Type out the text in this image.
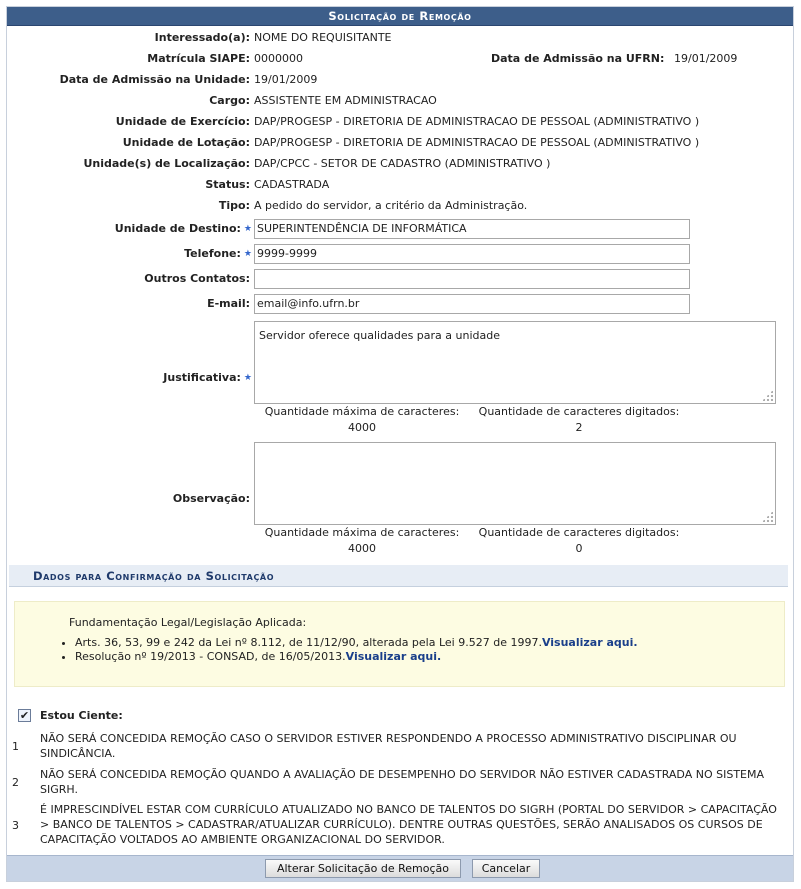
Solicitação de Remoção
Interessado(a): NOME DO REQUISITANTE
Matrícula SIAPE: 0000000	Data de Admissão na UFRN: 19/01/2009
Data de Admissão na Unidade: 19/01/2009
Cargo: ASSISTENTE EM ADMINISTRACAO
Unidade de Exercício: DAP/PROGESP - DIRETORIA DE ADMINISTRACAO DE PESSOAL (ADMINISTRATIVO )
Unidade de Lotação: DAP/PROGESP - DIRETORIA DE ADMINISTRACAO DE PESSOAL (ADMINISTRATIVO )
Unidade(s) de Localização: DAP/CPCC - SETOR DE CADASTRO (ADMINISTRATIVO )
Status: CADASTRADA
Tipo: A pedido do servidor, a critério da Administração.
Unidade de Destino: ★ SUPERINTENDÊNCIA DE INFORMÁTICA
Telefone: ★ 9999-9999
Outros Contatos:
E-mail: email@info.ufrn.br
Justificativa: ★
Servidor oferece qualidades para a unidade
Quantidade máxima de caracteres:	Quantidade de caracteres digitados:
4000	2
Observação:
Quantidade máxima de caracteres:	Quantidade de caracteres digitados:
4000	0
Dados para Confirmação da Solicitação
Fundamentação Legal/Legislação Aplicada:
• Arts. 36, 53, 99 e 242 da Lei nº 8.112, de 11/12/90, alterada pela Lei 9.527 de 1997.Visualizar aqui.
• Resolução nº 19/2013 - CONSAD, de 16/05/2013.Visualizar aqui.
✔ Estou Ciente:
1
NÃO SERÁ CONCEDIDA REMOÇÃO CASO O SERVIDOR ESTIVER RESPONDENDO A PROCESSO ADMINISTRATIVO DISCIPLINAR OU SINDICÂNCIA.
2
NÃO SERÁ CONCEDIDA REMOÇÃO QUANDO A AVALIAÇÃO DE DESEMPENHO DO SERVIDOR NÃO ESTIVER CADASTRADA NO SISTEMA SIGRH.
3
É IMPRESCINDÍVEL ESTAR COM CURRÍCULO ATUALIZADO NO BANCO DE TALENTOS DO SIGRH (PORTAL DO SERVIDOR > CAPACITAÇÃO > BANCO DE TALENTOS > CADASTRAR/ATUALIZAR CURRÍCULO). DENTRE OUTRAS QUESTÕES, SERÃO ANALISADOS OS CURSOS DE CAPACITAÇÃO VOLTADOS AO AMBIENTE ORGANIZACIONAL DO SERVIDOR.
Alterar Solicitação de Remoção	Cancelar
